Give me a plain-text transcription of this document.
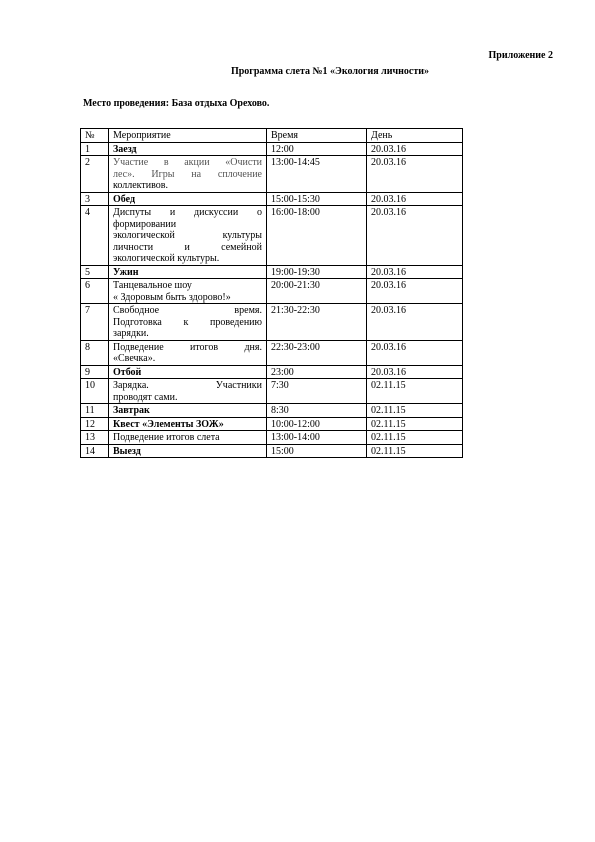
Приложение 2
Программа слета №1 «Экология личности»
Место проведения: База отдыха Орехово.
№	Мероприятие	Время	День
1	Заезд	12:00	20.03.16
2	Участие в акции «Очисти
лес». Игры на сплочение
коллективов.	13:00-14:45	20.03.16
3	Обед	15:00-15:30	20.03.16
4	Диспуты и дискуссии о
формировании
экологической культуры
личности и семейной
экологической культуры.	16:00-18:00	20.03.16
5	Ужин	19:00-19:30	20.03.16
6	Танцевальное шоу
« Здоровым быть здорово!»	20:00-21:30	20.03.16
7	Свободное время.
Подготовка к проведению
зарядки.	21:30-22:30	20.03.16
8	Подведение итогов дня.
«Свечка».	22:30-23:00	20.03.16
9	Отбой	23:00	20.03.16
10	Зарядка. Участники
проводят сами.	7:30	02.11.15
11	Завтрак	8:30	02.11.15
12	Квест «Элементы ЗОЖ»	10:00-12:00	02.11.15
13	Подведение итогов слета	13:00-14:00	02.11.15
14	Выезд	15:00	02.11.15
